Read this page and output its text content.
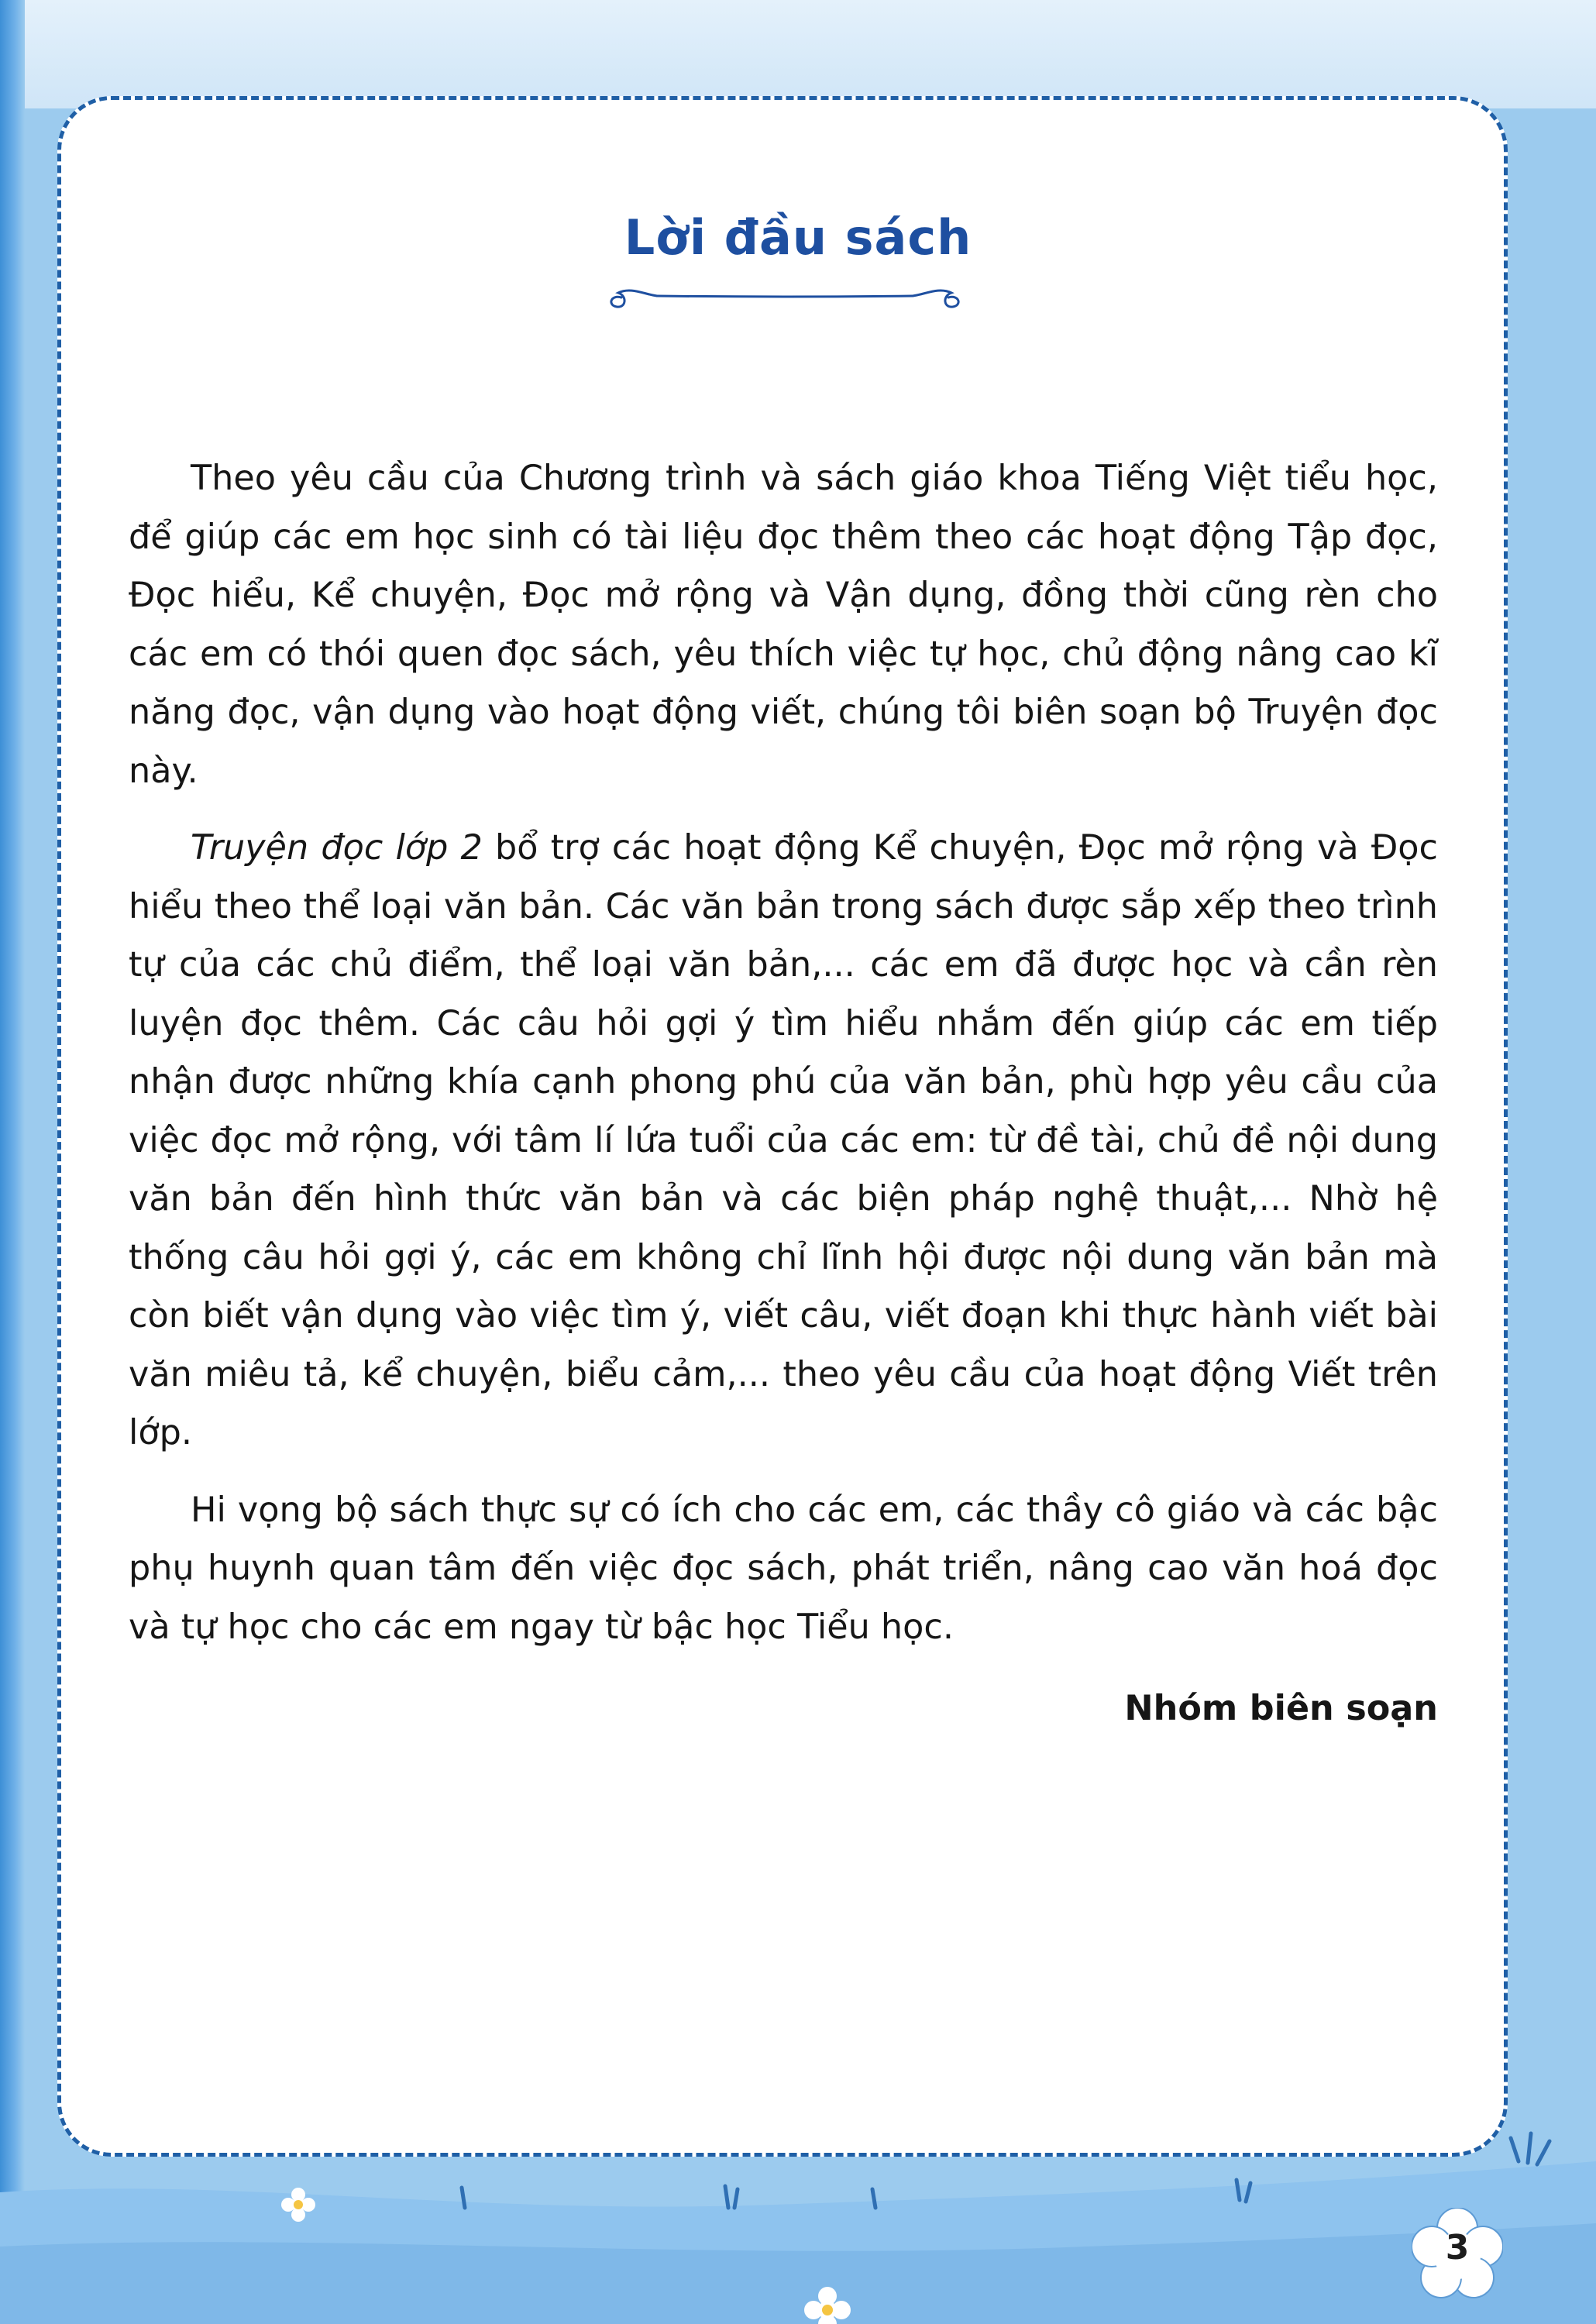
Lời đầu sách

Theo yêu cầu của Chương trình và sách giáo khoa Tiếng Việt tiểu học, để giúp các em học sinh có tài liệu đọc thêm theo các hoạt động Tập đọc, Đọc hiểu, Kể chuyện, Đọc mở rộng và Vận dụng, đồng thời cũng rèn cho các em có thói quen đọc sách, yêu thích việc tự học, chủ động nâng cao kĩ năng đọc, vận dụng vào hoạt động viết, chúng tôi biên soạn bộ Truyện đọc này.

Truyện đọc lớp 2 bổ trợ các hoạt động Kể chuyện, Đọc mở rộng và Đọc hiểu theo thể loại văn bản. Các văn bản trong sách được sắp xếp theo trình tự của các chủ điểm, thể loại văn bản,... các em đã được học và cần rèn luyện đọc thêm. Các câu hỏi gợi ý tìm hiểu nhắm đến giúp các em tiếp nhận được những khía cạnh phong phú của văn bản, phù hợp yêu cầu của việc đọc mở rộng, với tâm lí lứa tuổi của các em: từ đề tài, chủ đề nội dung văn bản đến hình thức văn bản và các biện pháp nghệ thuật,... Nhờ hệ thống câu hỏi gợi ý, các em không chỉ lĩnh hội được nội dung văn bản mà còn biết vận dụng vào việc tìm ý, viết câu, viết đoạn khi thực hành viết bài văn miêu tả, kể chuyện, biểu cảm,... theo yêu cầu của hoạt động Viết trên lớp.

Hi vọng bộ sách thực sự có ích cho các em, các thầy cô giáo và các bậc phụ huynh quan tâm đến việc đọc sách, phát triển, nâng cao văn hoá đọc và tự học cho các em ngay từ bậc học Tiểu học.

Nhóm biên soạn

3
